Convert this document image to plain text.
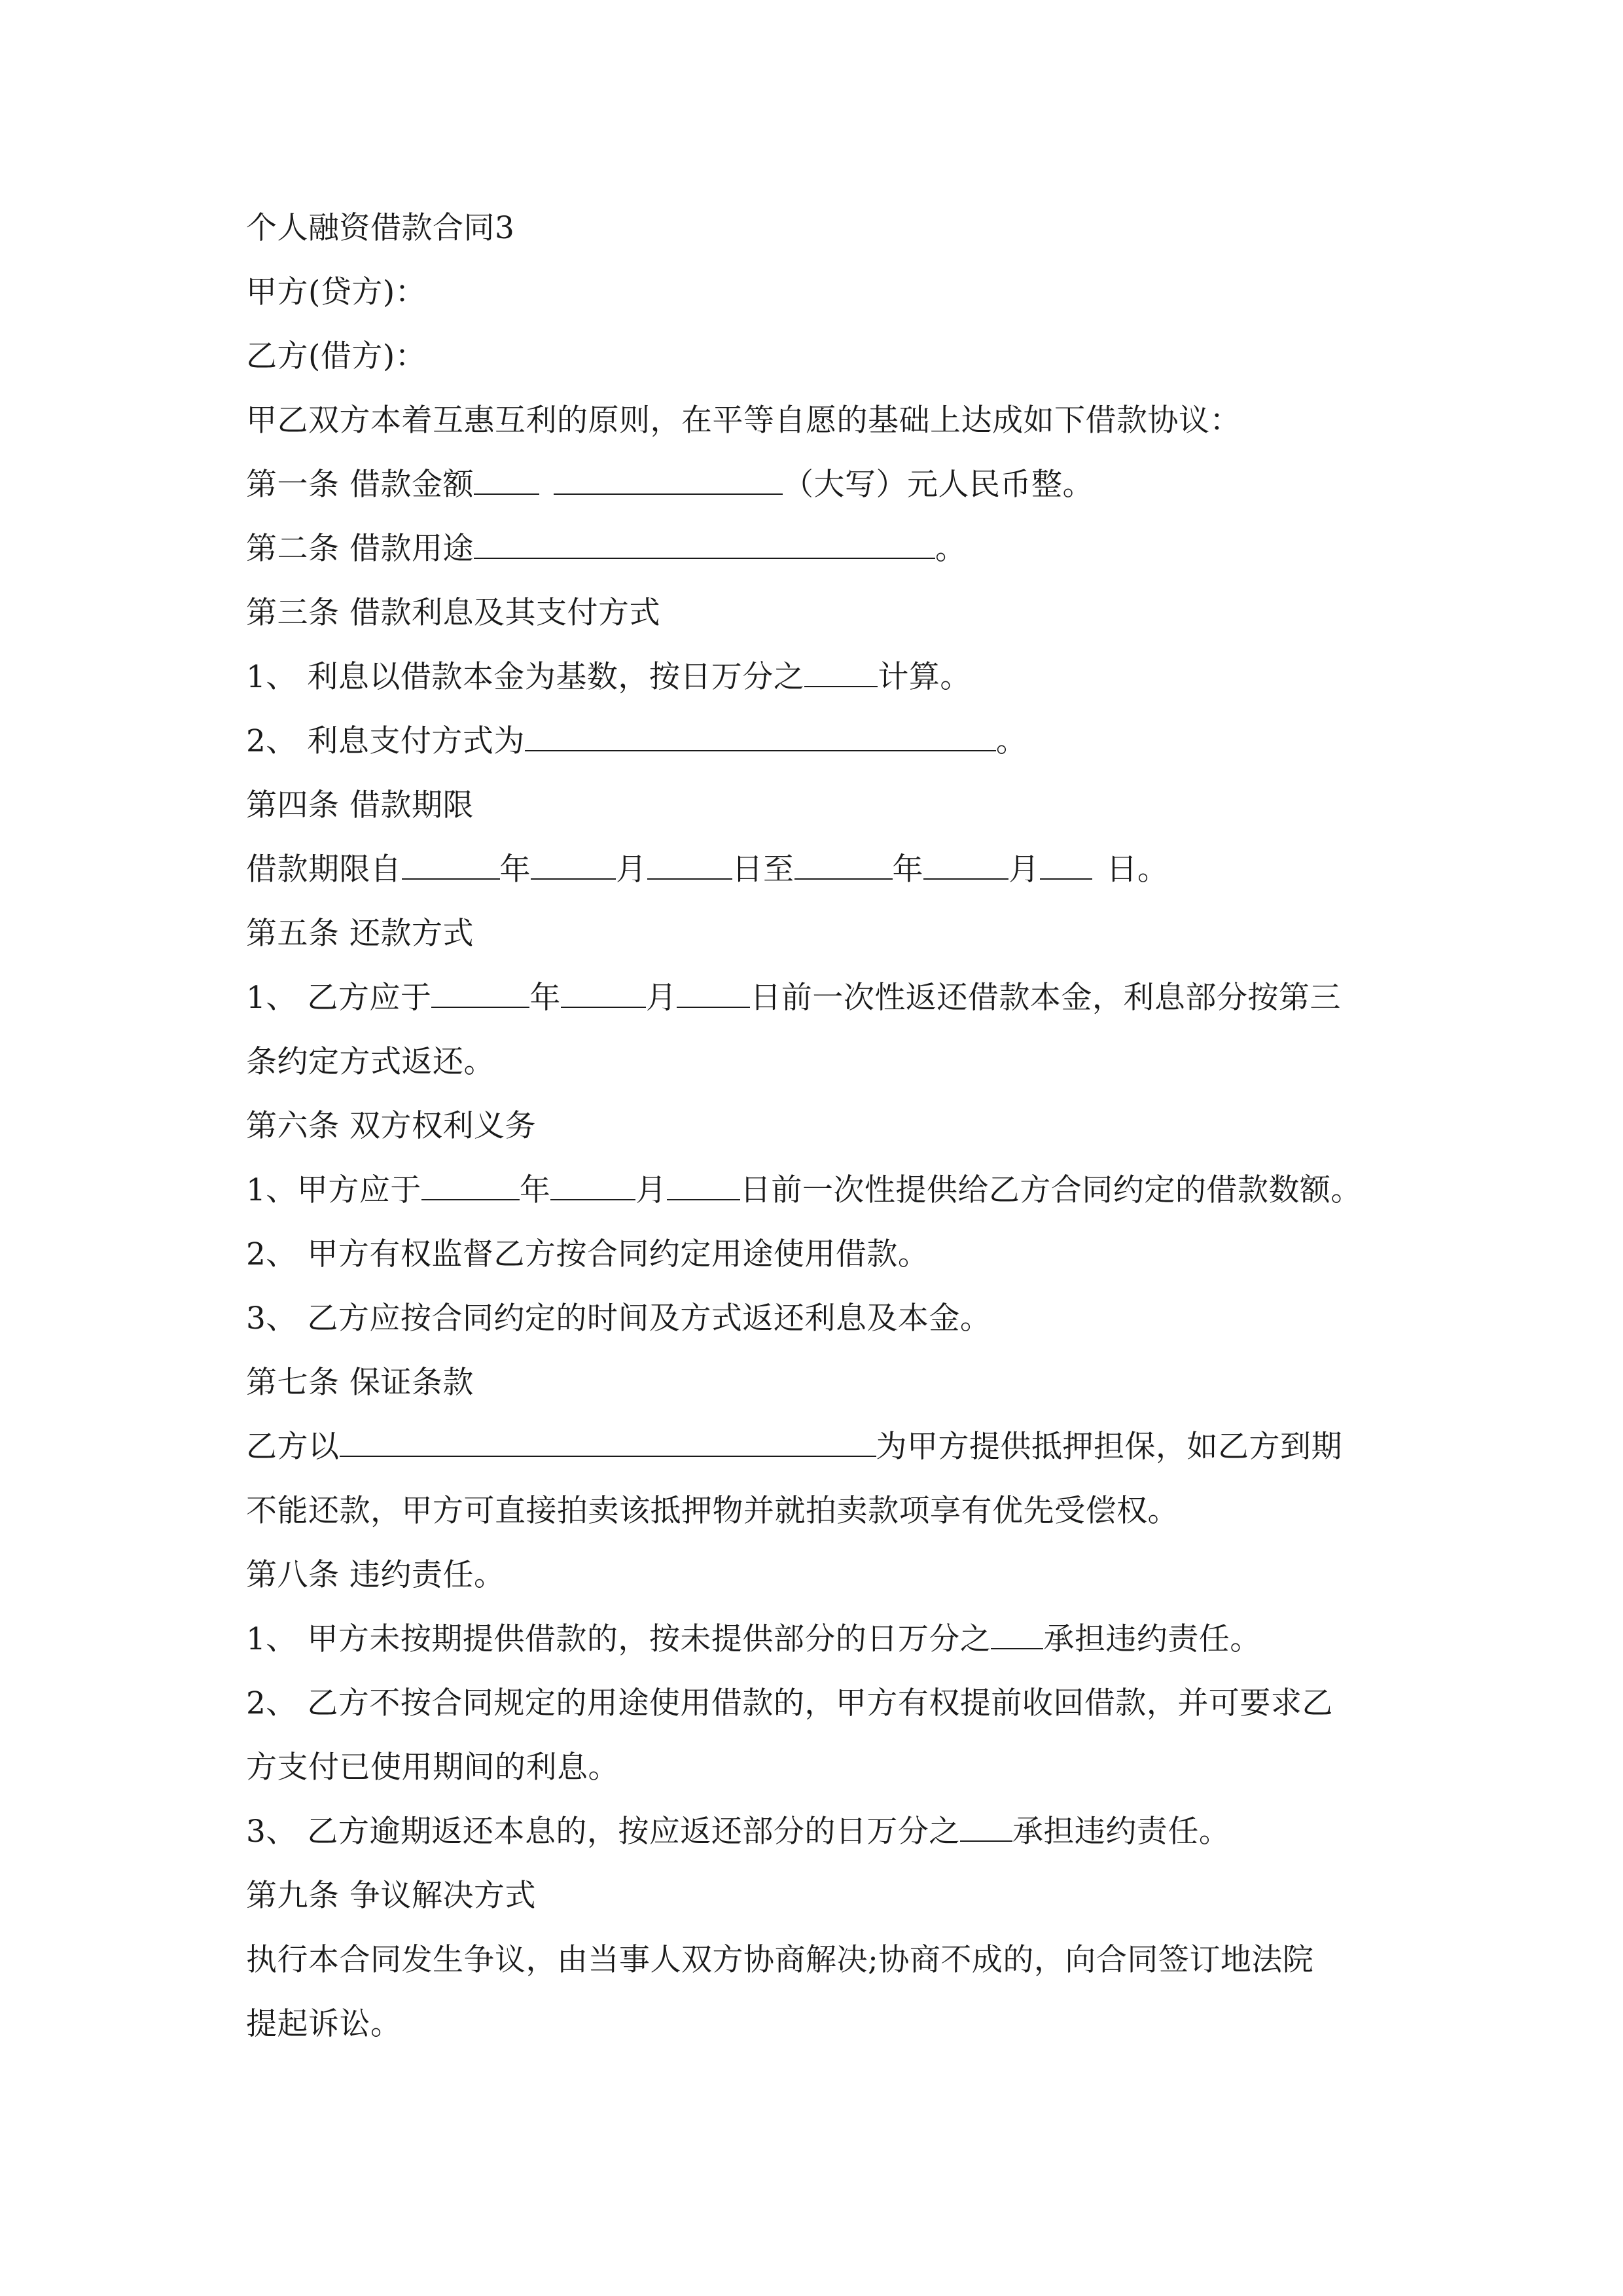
个人融资借款合同3
甲方(贷方)：
乙方(借方)：
甲乙双方本着互惠互利的原则，在平等自愿的基础上达成如下借款协议：
第一条 借款金额	（大写）元人民币整。
第二条 借款用途	。
第三条 借款利息及其支付方式
1、 利息以借款本金为基数，按日万分之 计算。
2、 利息支付方式为	。
第四条 借款期限
借款期限自	年	月	日至	年	月 日。
第五条 还款方式
1、 乙方应于	年	月 日前一次性返还借款本金，利息部分按第三
条约定方式返还。
第六条 双方权利义务
1、甲方应于	年	月 日前一次性提供给乙方合同约定的借款数额。
2、 甲方有权监督乙方按合同约定用途使用借款。
3、 乙方应按合同约定的时间及方式返还利息及本金。
第七条 保证条款
乙方以	为甲方提供抵押担保，如乙方到期
不能还款，甲方可直接拍卖该抵押物并就拍卖款项享有优先受偿权。
第八条 违约责任。
1、 甲方未按期提供借款的，按未提供部分的日万分之 承担违约责任。
2、 乙方不按合同规定的用途使用借款的，甲方有权提前收回借款，并可要求乙
方支付已使用期间的利息。
3、 乙方逾期返还本息的，按应返还部分的日万分之 承担违约责任。
第九条 争议解决方式
执行本合同发生争议，由当事人双方协商解决;协商不成的，向合同签订地法院
提起诉讼。
